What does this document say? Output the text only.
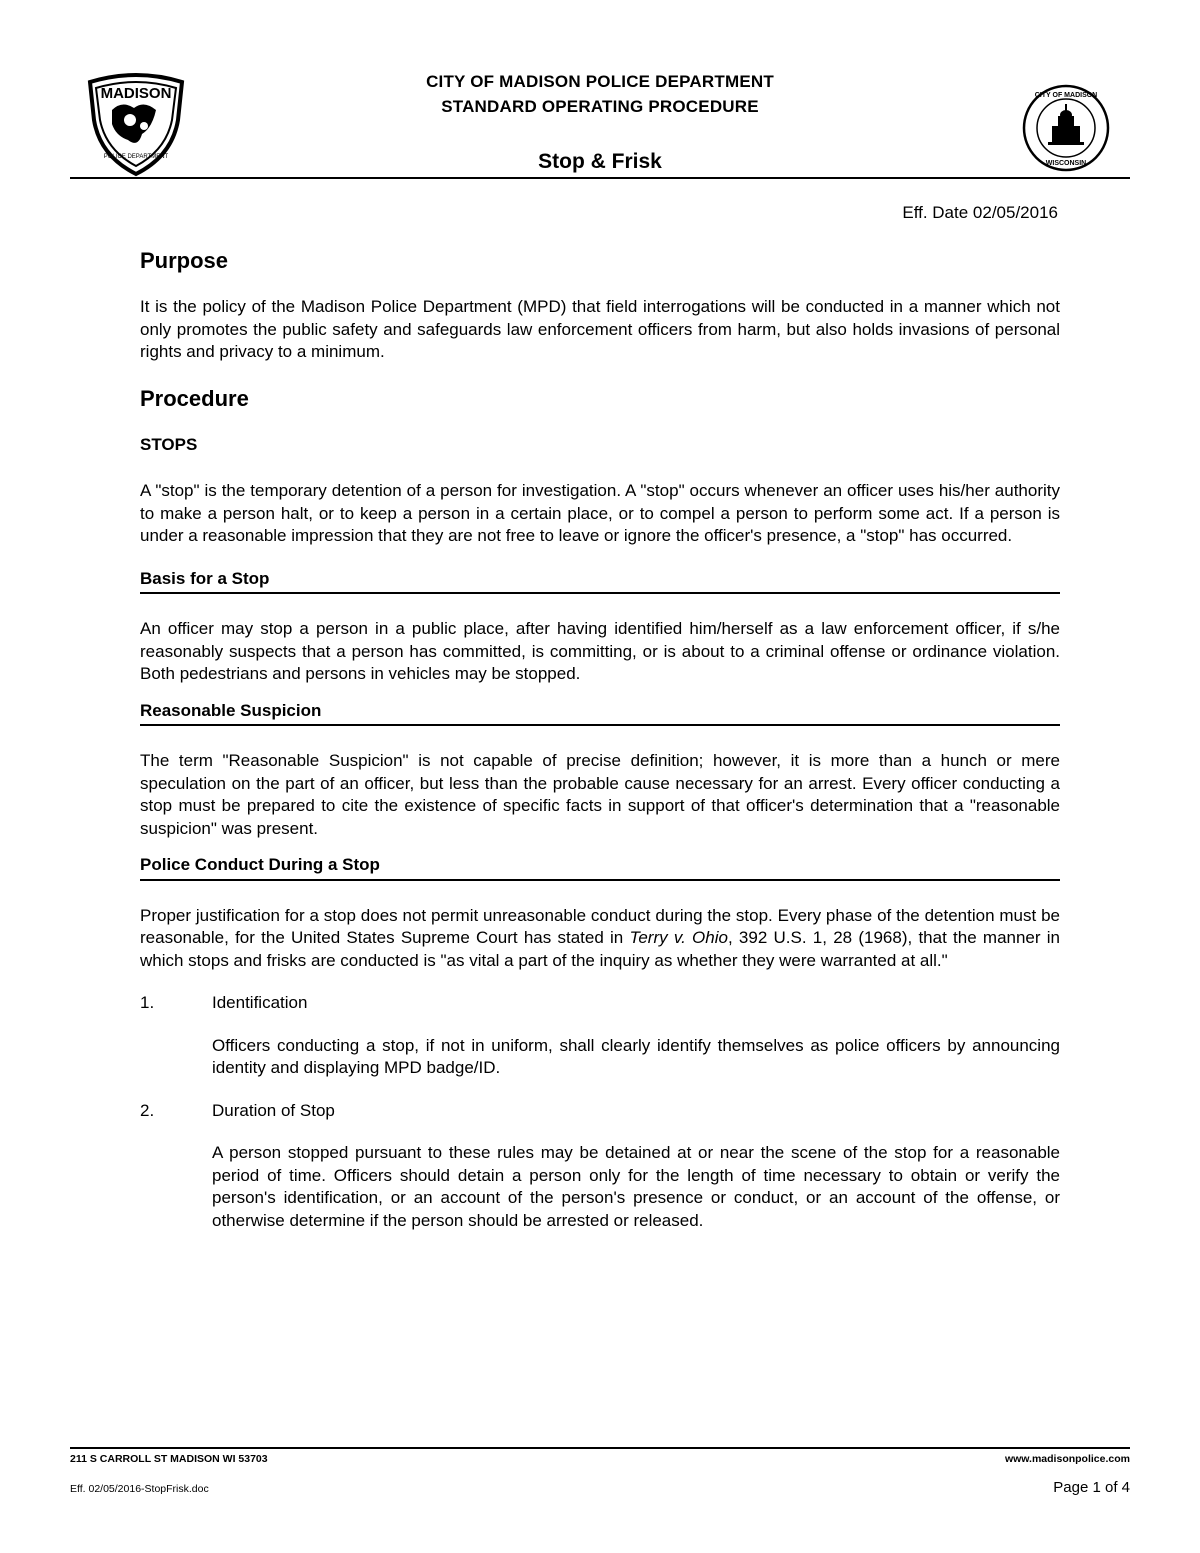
MADISON
POLICE DEPARTMENT
CITY OF MADISON POLICE DEPARTMENT
STANDARD OPERATING PROCEDURE
Stop & Frisk
CITY OF MADISON
WISCONSIN
Eff. Date 02/05/2016
Purpose

It is the policy of the Madison Police Department (MPD) that field interrogations will be conducted in a manner which not only promotes the public safety and safeguards law enforcement officers from harm, but also holds invasions of personal rights and privacy to a minimum.

Procedure
STOPS

A "stop" is the temporary detention of a person for investigation. A "stop" occurs whenever an officer uses his/her authority to make a person halt, or to keep a person in a certain place, or to compel a person to perform some act. If a person is under a reasonable impression that they are not free to leave or ignore the officer's presence, a "stop" has occurred.

Basis for a Stop

An officer may stop a person in a public place, after having identified him/herself as a law enforcement officer, if s/he reasonably suspects that a person has committed, is committing, or is about to a criminal offense or ordinance violation. Both pedestrians and persons in vehicles may be stopped.

Reasonable Suspicion

The term "Reasonable Suspicion" is not capable of precise definition; however, it is more than a hunch or mere speculation on the part of an officer, but less than the probable cause necessary for an arrest. Every officer conducting a stop must be prepared to cite the existence of specific facts in support of that officer's determination that a "reasonable suspicion" was present.

Police Conduct During a Stop

Proper justification for a stop does not permit unreasonable conduct during the stop. Every phase of the detention must be reasonable, for the United States Supreme Court has stated in Terry v. Ohio, 392 U.S. 1, 28 (1968), that the manner in which stops and frisks are conducted is "as vital a part of the inquiry as whether they were warranted at all."

1.	Identification

Officers conducting a stop, if not in uniform, shall clearly identify themselves as police officers by announcing identity and displaying MPD badge/ID.

2.	Duration of Stop

A person stopped pursuant to these rules may be detained at or near the scene of the stop for a reasonable period of time. Officers should detain a person only for the length of time necessary to obtain or verify the person's identification, or an account of the person's presence or conduct, or an account of the offense, or otherwise determine if the person should be arrested or released.

211 S CARROLL ST MADISON WI 53703	www.madisonpolice.com
Eff. 02/05/2016-StopFrisk.doc	Page 1 of 4
